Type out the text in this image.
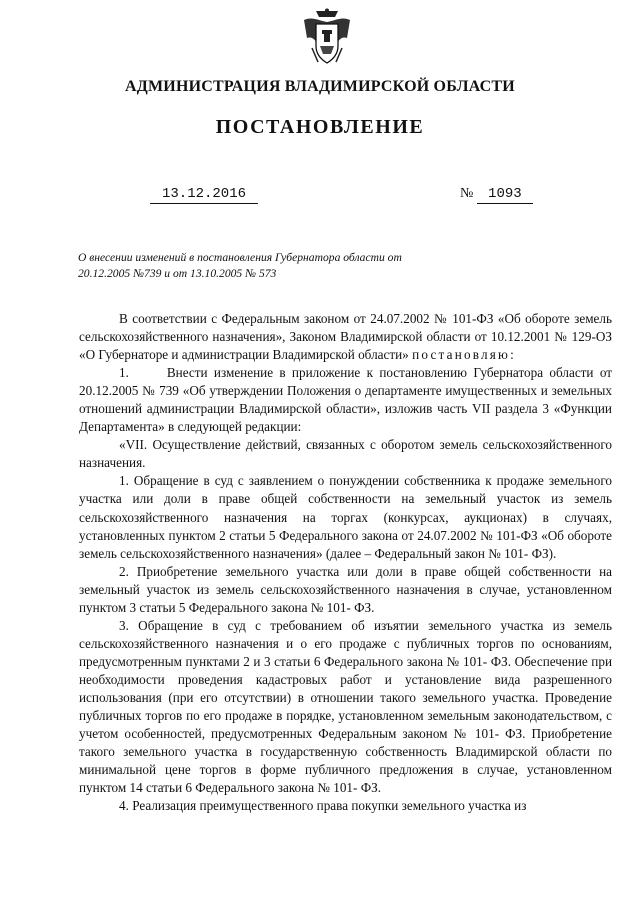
АДМИНИСТРАЦИЯ ВЛАДИМИРСКОЙ ОБЛАСТИ
ПОСТАНОВЛЕНИЕ
13.12.2016	№ 1093
О внесении изменений в постановления Губернатора области от 20.12.2005 №739 и от 13.10.2005 № 573

В соответствии с Федеральным законом от 24.07.2002 № 101-ФЗ «Об обороте земель сельскохозяйственного назначения», Законом Владимирской области от 10.12.2001 № 129-ОЗ «О Губернаторе и администрации Владимирской области» постановляю:

1.      Внести изменение в приложение к постановлению Губернатора области от 20.12.2005 № 739 «Об утверждении Положения о департаменте имущественных и земельных отношений администрации Владимирской области», изложив часть VII раздела 3 «Функции Департамента» в следующей редакции:

«VII. Осуществление действий, связанных с оборотом земель сельскохозяйственного назначения.

1. Обращение в суд с заявлением о понуждении собственника к продаже земельного участка или доли в праве общей собственности на земельный участок из земель сельскохозяйственного назначения на торгах (конкурсах, аукционах) в случаях, установленных пунктом 2 статьи 5 Федерального закона от 24.07.2002 № 101-ФЗ «Об обороте земель сельскохозяйственного назначения» (далее – Федеральный закон № 101- ФЗ).

2. Приобретение земельного участка или доли в праве общей собственности на земельный участок из земель сельскохозяйственного назначения в случае, установленном пунктом 3 статьи 5 Федерального закона № 101- ФЗ.

3. Обращение в суд с требованием об изъятии земельного участка из земель сельскохозяйственного назначения и о его продаже с публичных торгов по основаниям, предусмотренным пунктами 2 и 3 статьи 6 Федерального закона № 101- ФЗ. Обеспечение при необходимости проведения кадастровых работ и установление вида разрешенного использования (при его отсутствии) в отношении такого земельного участка. Проведение публичных торгов по его продаже в порядке, установленном земельным законодательством, с учетом особенностей, предусмотренных Федеральным законом № 101- ФЗ. Приобретение такого земельного участка в государственную собственность Владимирской области по минимальной цене торгов в форме публичного предложения в случае, установленном пунктом 14 статьи 6 Федерального закона № 101- ФЗ.

4. Реализация преимущественного права покупки земельного участка из
